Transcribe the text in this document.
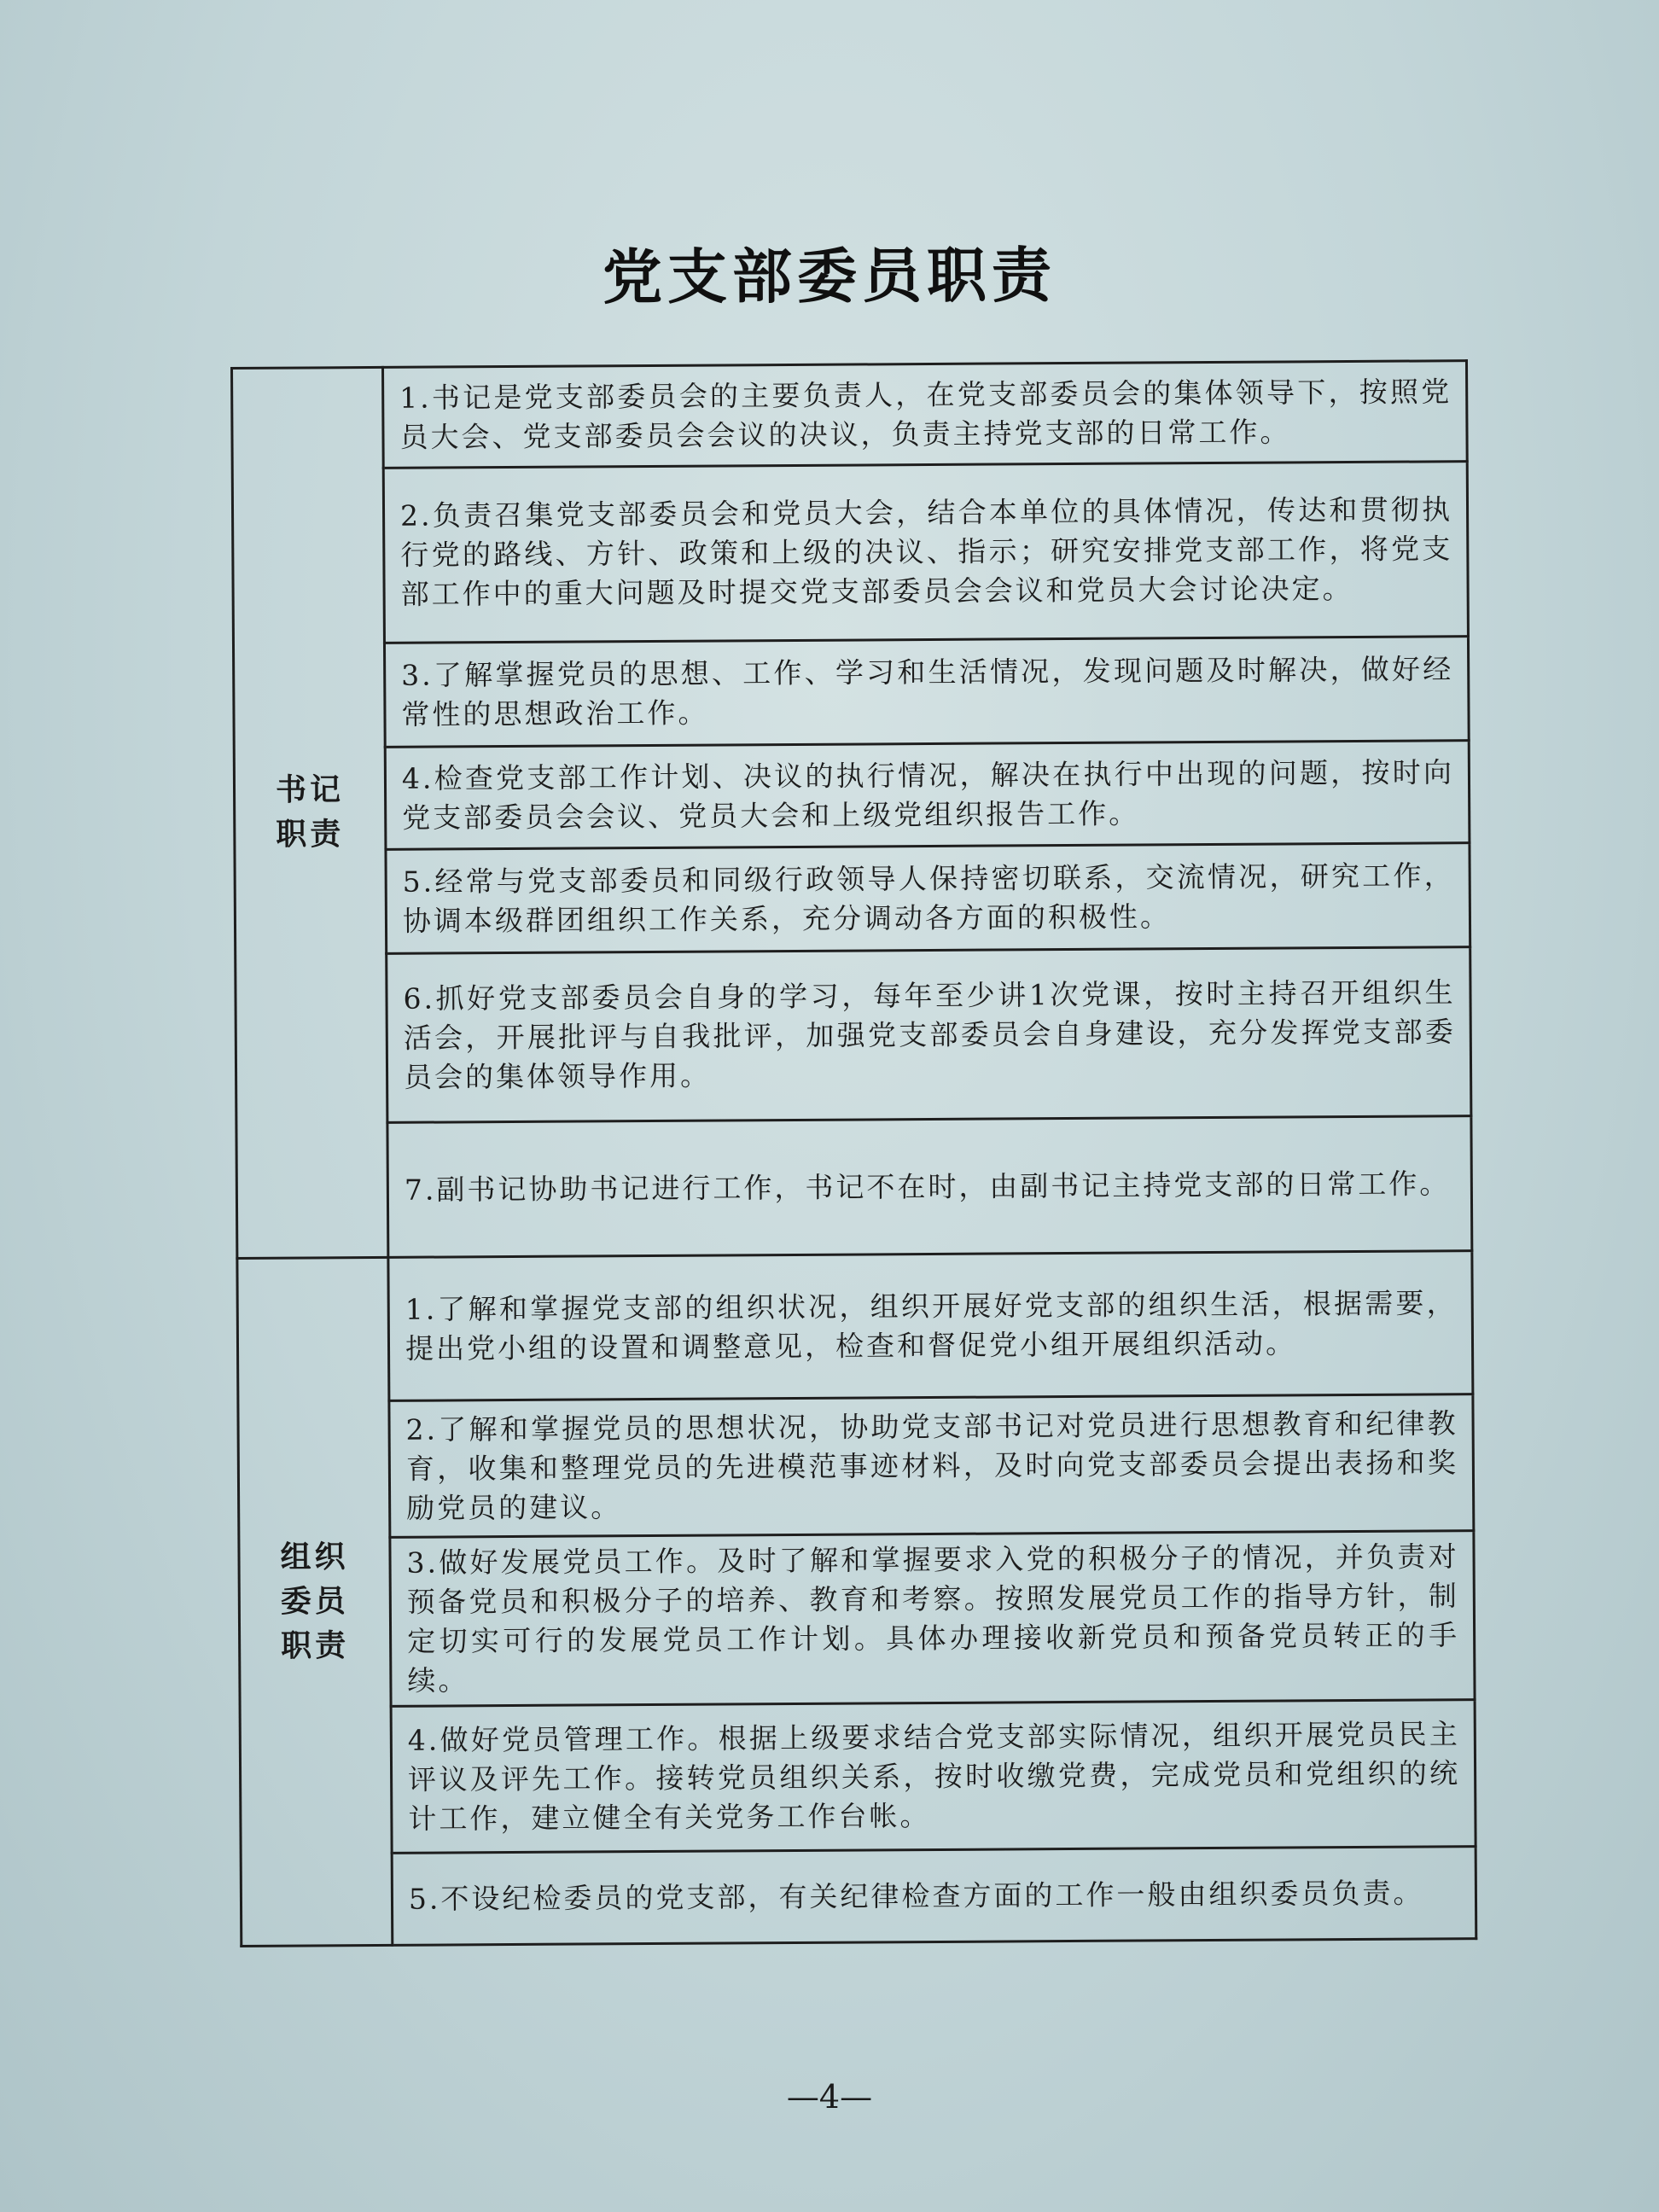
党支部委员职责
书记
职责	1.书记是党支部委员会的主要负责人，在党支部委员会的集体领导下，按照党员大会、党支部委员会会议的决议，负责主持党支部的日常工作。
	2.负责召集党支部委员会和党员大会，结合本单位的具体情况，传达和贯彻执行党的路线、方针、政策和上级的决议、指示；研究安排党支部工作，将党支部工作中的重大问题及时提交党支部委员会会议和党员大会讨论决定。
	3.了解掌握党员的思想、工作、学习和生活情况，发现问题及时解决，做好经常性的思想政治工作。
	4.检查党支部工作计划、决议的执行情况，解决在执行中出现的问题，按时向党支部委员会会议、党员大会和上级党组织报告工作。
	5.经常与党支部委员和同级行政领导人保持密切联系，交流情况，研究工作，协调本级群团组织工作关系，充分调动各方面的积极性。
	6.抓好党支部委员会自身的学习，每年至少讲1次党课，按时主持召开组织生活会，开展批评与自我批评，加强党支部委员会自身建设，充分发挥党支部委员会的集体领导作用。
	7.副书记协助书记进行工作，书记不在时，由副书记主持党支部的日常工作。

组织
委员
职责	1.了解和掌握党支部的组织状况，组织开展好党支部的组织生活，根据需要，提出党小组的设置和调整意见，检查和督促党小组开展组织活动。
	2.了解和掌握党员的思想状况，协助党支部书记对党员进行思想教育和纪律教育，收集和整理党员的先进模范事迹材料，及时向党支部委员会提出表扬和奖励党员的建议。
	3.做好发展党员工作。及时了解和掌握要求入党的积极分子的情况，并负责对预备党员和积极分子的培养、教育和考察。按照发展党员工作的指导方针，制定切实可行的发展党员工作计划。具体办理接收新党员和预备党员转正的手续。
	4.做好党员管理工作。根据上级要求结合党支部实际情况，组织开展党员民主评议及评先工作。接转党员组织关系，按时收缴党费，完成党员和党组织的统计工作，建立健全有关党务工作台帐。
	5.不设纪检委员的党支部，有关纪律检查方面的工作一般由组织委员负责。
—4—
